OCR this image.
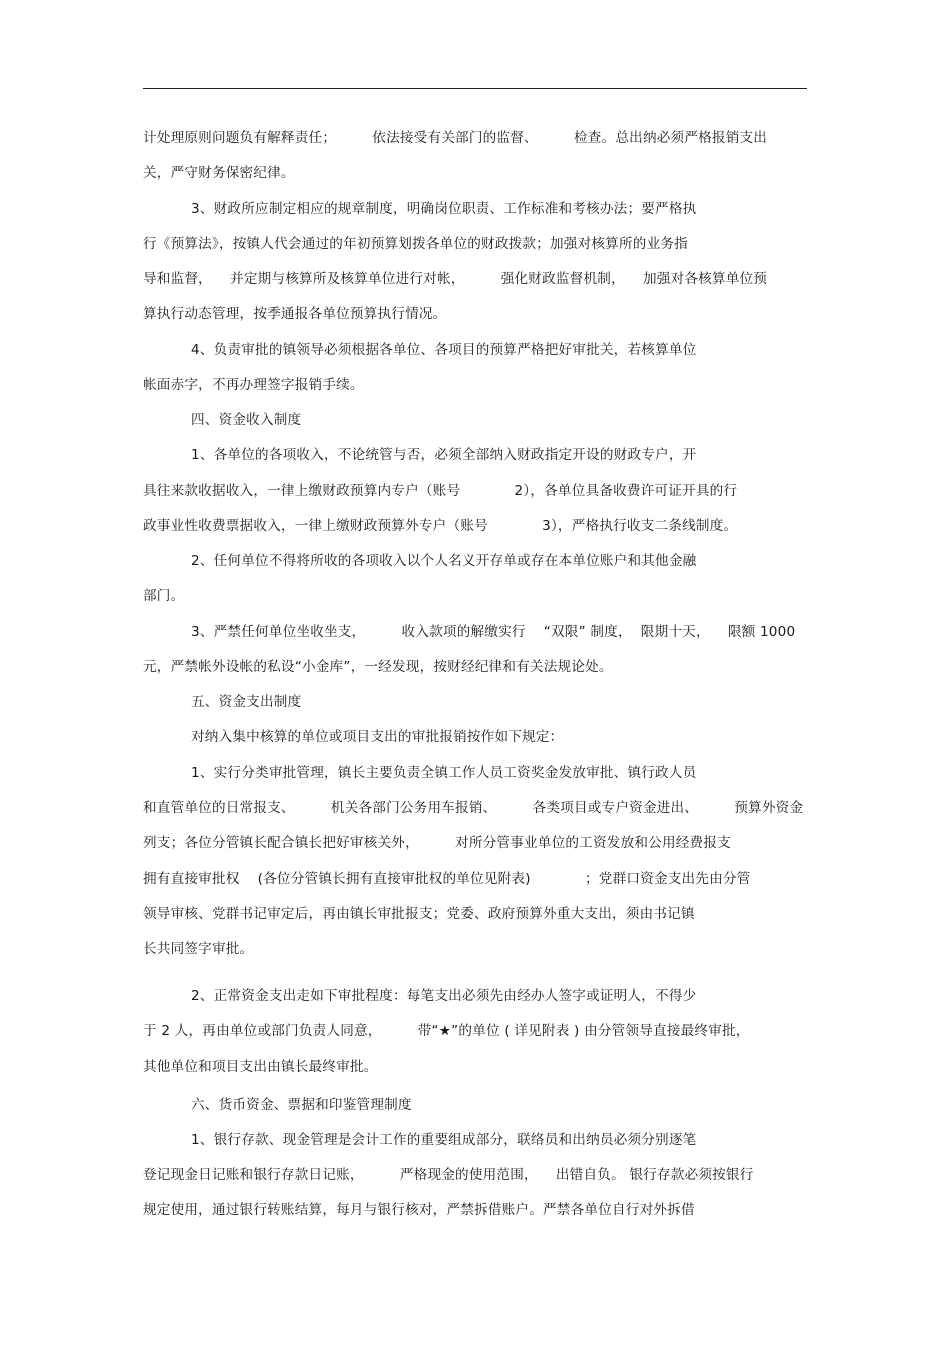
计处理原则问题负有解释责任；        依法接受有关部门的监督、        检查。总出纳必须严格报销支出
关，严守财务保密纪律。
3、财政所应制定相应的规章制度，明确岗位职责、工作标准和考核办法；要严格执
行《预算法》，按镇人代会通过的年初预算划拨各单位的财政拨款；加强对核算所的业务指
导和监督，    并定期与核算所及核算单位进行对帐，        强化财政监督机制，    加强对各核算单位预
算执行动态管理，按季通报各单位预算执行情况。
4、负责审批的镇领导必须根据各单位、各项目的预算严格把好审批关，若核算单位
帐面赤字，不再办理签字报销手续。
四、资金收入制度
1、各单位的各项收入，不论统管与否，必须全部纳入财政指定开设的财政专户，开
具往来款收据收入，一律上缴财政预算内专户（账号            2），各单位具备收费许可证开具的行
政事业性收费票据收入，一律上缴财政预算外专户（账号            3），严格执行收支二条线制度。
2、任何单位不得将所收的各项收入以个人名义开存单或存在本单位账户和其他金融
部门。
3、严禁任何单位坐收坐支，        收入款项的解缴实行    “双限” 制度，  限期十天，    限额 1000
元，严禁帐外设帐的私设“小金库”，一经发现，按财经纪律和有关法规论处。
五、资金支出制度
对纳入集中核算的单位或项目支出的审批报销按作如下规定：
1、实行分类审批管理，镇长主要负责全镇工作人员工资奖金发放审批、镇行政人员
和直管单位的日常报支、        机关各部门公务用车报销、        各类项目或专户资金进出、        预算外资金
列支；各位分管镇长配合镇长把好审核关外，        对所分管事业单位的工资发放和公用经费报支
拥有直接审批权    (各位分管镇长拥有直接审批权的单位见附表)            ；党群口资金支出先由分管
领导审核、党群书记审定后，再由镇长审批报支；党委、政府预算外重大支出，须由书记镇
长共同签字审批。
2、正常资金支出走如下审批程度：每笔支出必须先由经办人签字或证明人，不得少
于 2 人，再由单位或部门负责人同意，        带“★”的单位 ( 详见附表 ) 由分管领导直接最终审批，
其他单位和项目支出由镇长最终审批。
六、货币资金、票据和印鉴管理制度
1、银行存款、现金管理是会计工作的重要组成部分，联络员和出纳员必须分别逐笔
登记现金日记账和银行存款日记账，        严格现金的使用范围，    出错自负。 银行存款必须按银行
规定使用，通过银行转账结算，每月与银行核对，严禁拆借账户。严禁各单位自行对外拆借
